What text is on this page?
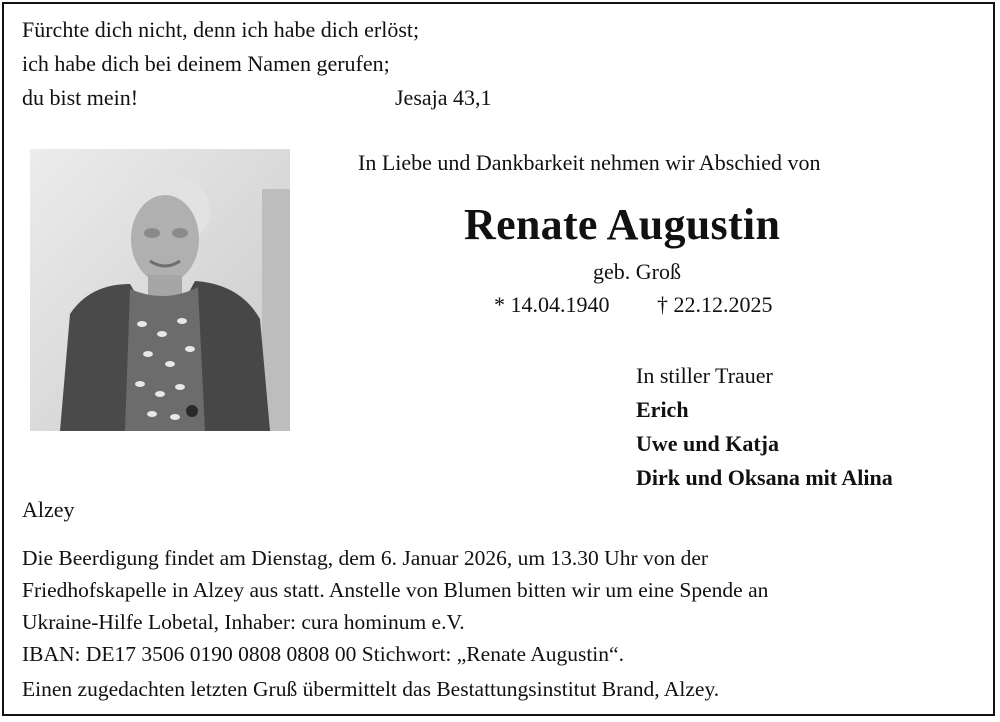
Fürchte dich nicht, denn ich habe dich erlöst;
ich habe dich bei deinem Namen gerufen;
du bist mein!	Jesaja 43,1
In Liebe und Dankbarkeit nehmen wir Abschied von
Renate Augustin
geb. Groß
* 14.04.1940 † 22.12.2025
In stiller Trauer
Erich
Uwe und Katja
Dirk und Oksana mit Alina
Alzey
Die Beerdigung findet am Dienstag, dem 6. Januar 2026, um 13.30 Uhr von der
Friedhofskapelle in Alzey aus statt. Anstelle von Blumen bitten wir um eine Spende an
Ukraine-Hilfe Lobetal, Inhaber: cura hominum e.V.
IBAN: DE17 3506 0190 0808 0808 00 Stichwort: „Renate Augustin“.
Einen zugedachten letzten Gruß übermittelt das Bestattungsinstitut Brand, Alzey.
